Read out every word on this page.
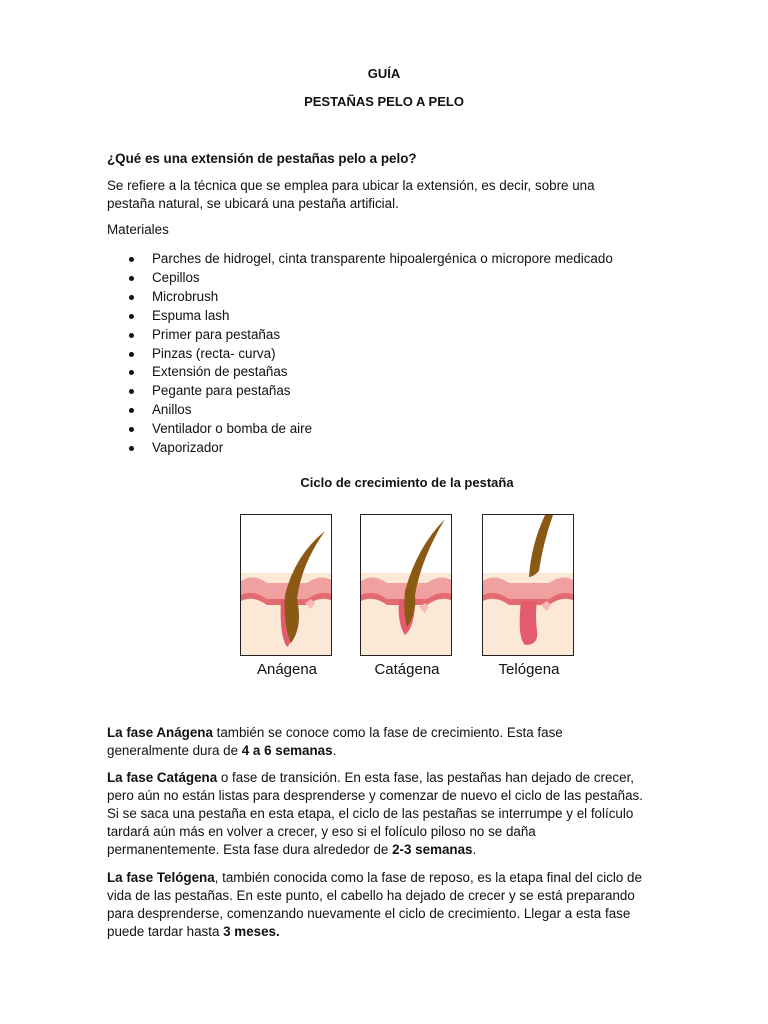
GUÍA
PESTAÑAS PELO A PELO
¿Qué es una extensión de pestañas pelo a pelo?
Se refiere a la técnica que se emplea para ubicar la extensión, es decir, sobre una
pestaña natural, se ubicará una pestaña artificial.
Materiales
Parches de hidrogel, cinta transparente hipoalergénica o micropore medicado
Cepillos
Microbrush
Espuma lash
Primer para pestañas
Pinzas (recta- curva)
Extensión de pestañas
Pegante para pestañas
Anillos
Ventilador o bomba de aire
Vaporizador
Ciclo de crecimiento de la pestaña
Anágena	Catágena	Telógena
La fase Anágena también se conoce como la fase de crecimiento. Esta fase
generalmente dura de 4 a 6 semanas.
La fase Catágena o fase de transición. En esta fase, las pestañas han dejado de crecer,
pero aún no están listas para desprenderse y comenzar de nuevo el ciclo de las pestañas.
Si se saca una pestaña en esta etapa, el ciclo de las pestañas se interrumpe y el folículo
tardará aún más en volver a crecer, y eso si el folículo piloso no se daña
permanentemente. Esta fase dura alrededor de 2-3 semanas.
La fase Telógena, también conocida como la fase de reposo, es la etapa final del ciclo de
vida de las pestañas. En este punto, el cabello ha dejado de crecer y se está preparando
para desprenderse, comenzando nuevamente el ciclo de crecimiento. Llegar a esta fase
puede tardar hasta 3 meses.
